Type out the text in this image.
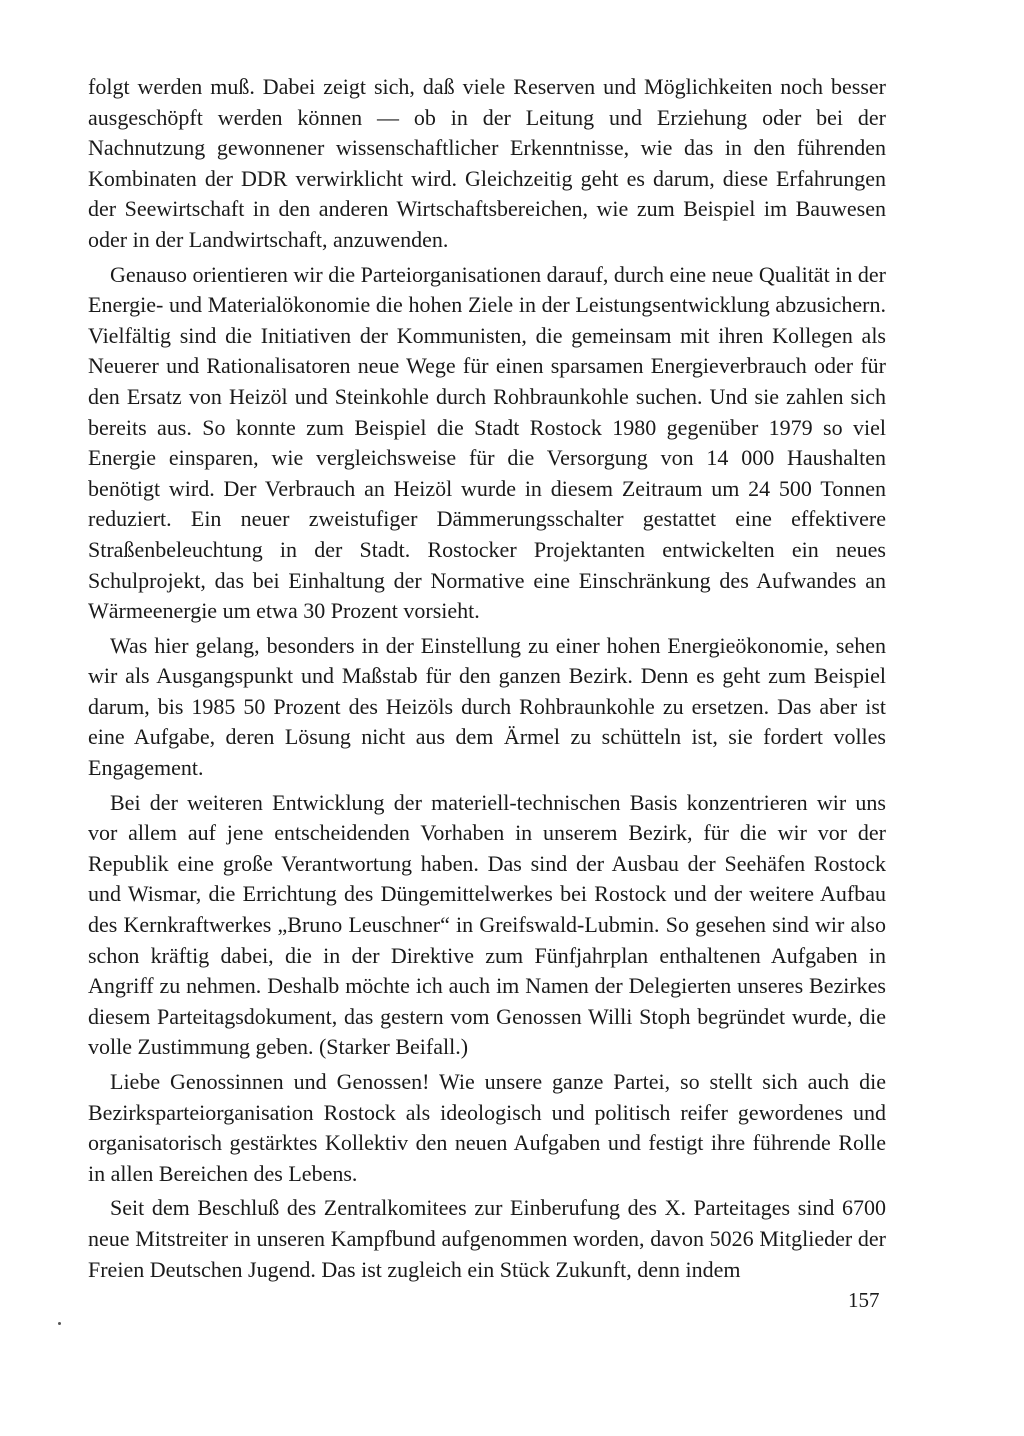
folgt werden muß. Dabei zeigt sich, daß viele Reserven und Möglichkeiten noch besser ausgeschöpft werden können — ob in der Leitung und Erziehung oder bei der Nachnutzung gewonnener wissenschaftlicher Erkenntnisse, wie das in den führenden Kombinaten der DDR verwirklicht wird. Gleichzeitig geht es darum, diese Erfahrungen der Seewirtschaft in den anderen Wirtschaftsbereichen, wie zum Beispiel im Bauwesen oder in der Landwirtschaft, anzuwenden.

Genauso orientieren wir die Parteiorganisationen darauf, durch eine neue Qualität in der Energie- und Materialökonomie die hohen Ziele in der Leistungsentwicklung abzusichern. Vielfältig sind die Initiativen der Kommunisten, die gemeinsam mit ihren Kollegen als Neuerer und Rationalisatoren neue Wege für einen sparsamen Energieverbrauch oder für den Ersatz von Heizöl und Steinkohle durch Rohbraunkohle suchen. Und sie zahlen sich bereits aus. So konnte zum Beispiel die Stadt Rostock 1980 gegenüber 1979 so viel Energie einsparen, wie vergleichsweise für die Versorgung von 14 000 Haushalten benötigt wird. Der Verbrauch an Heizöl wurde in diesem Zeitraum um 24 500 Tonnen reduziert. Ein neuer zweistufiger Dämmerungsschalter gestattet eine effektivere Straßenbeleuchtung in der Stadt. Rostocker Projektanten entwickelten ein neues Schulprojekt, das bei Einhaltung der Normative eine Einschränkung des Aufwandes an Wärmeenergie um etwa 30 Prozent vorsieht.

Was hier gelang, besonders in der Einstellung zu einer hohen Energieökonomie, sehen wir als Ausgangspunkt und Maßstab für den ganzen Bezirk. Denn es geht zum Beispiel darum, bis 1985 50 Prozent des Heizöls durch Rohbraunkohle zu ersetzen. Das aber ist eine Aufgabe, deren Lösung nicht aus dem Ärmel zu schütteln ist, sie fordert volles Engagement.

Bei der weiteren Entwicklung der materiell-technischen Basis konzentrieren wir uns vor allem auf jene entscheidenden Vorhaben in unserem Bezirk, für die wir vor der Republik eine große Verantwortung haben. Das sind der Ausbau der Seehäfen Rostock und Wismar, die Errichtung des Düngemittelwerkes bei Rostock und der weitere Aufbau des Kernkraftwerkes „Bruno Leuschner“ in Greifswald-Lubmin. So gesehen sind wir also schon kräftig dabei, die in der Direktive zum Fünfjahrplan enthaltenen Aufgaben in Angriff zu nehmen. Deshalb möchte ich auch im Namen der Delegierten unseres Bezirkes diesem Parteitagsdokument, das gestern vom Genossen Willi Stoph begründet wurde, die volle Zustimmung geben. (Starker Beifall.)

Liebe Genossinnen und Genossen! Wie unsere ganze Partei, so stellt sich auch die Bezirksparteiorganisation Rostock als ideologisch und politisch reifer gewordenes und organisatorisch gestärktes Kollektiv den neuen Aufgaben und festigt ihre führende Rolle in allen Bereichen des Lebens.

Seit dem Beschluß des Zentralkomitees zur Einberufung des X. Parteitages sind 6700 neue Mitstreiter in unseren Kampfbund aufgenommen worden, davon 5026 Mitglieder der Freien Deutschen Jugend. Das ist zugleich ein Stück Zukunft, denn indem

157
